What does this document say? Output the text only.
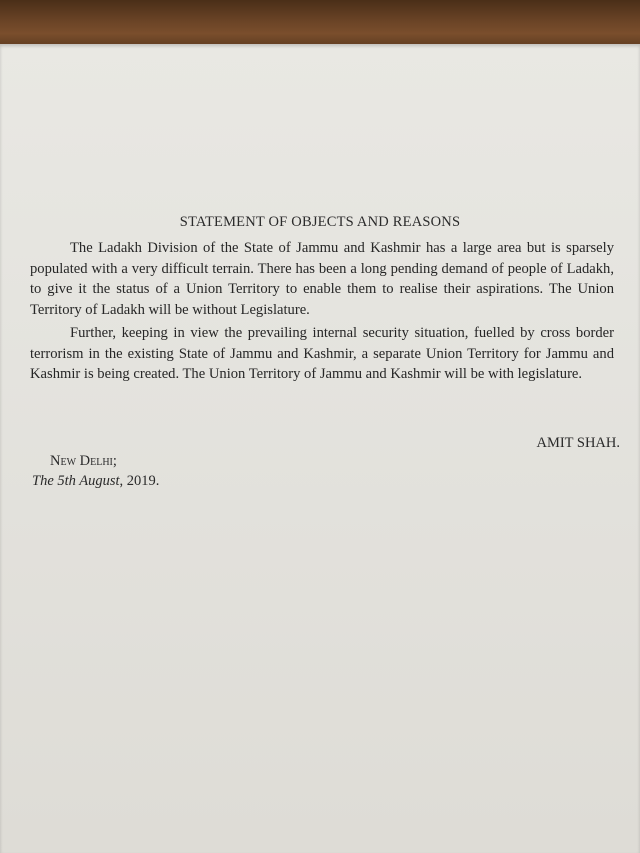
STATEMENT OF OBJECTS AND REASONS
The Ladakh Division of the State of Jammu and Kashmir has a large area but is sparsely populated with a very difficult terrain. There has been a long pending demand of people of Ladakh, to give it the status of a Union Territory to enable them to realise their aspirations. The Union Territory of Ladakh will be without Legislature.
Further, keeping in view the prevailing internal security situation, fuelled by cross border terrorism in the existing State of Jammu and Kashmir, a separate Union Territory for Jammu and Kashmir is being created. The Union Territory of Jammu and Kashmir will be with legislature.
AMIT SHAH.
New Delhi;
The 5th August, 2019.
